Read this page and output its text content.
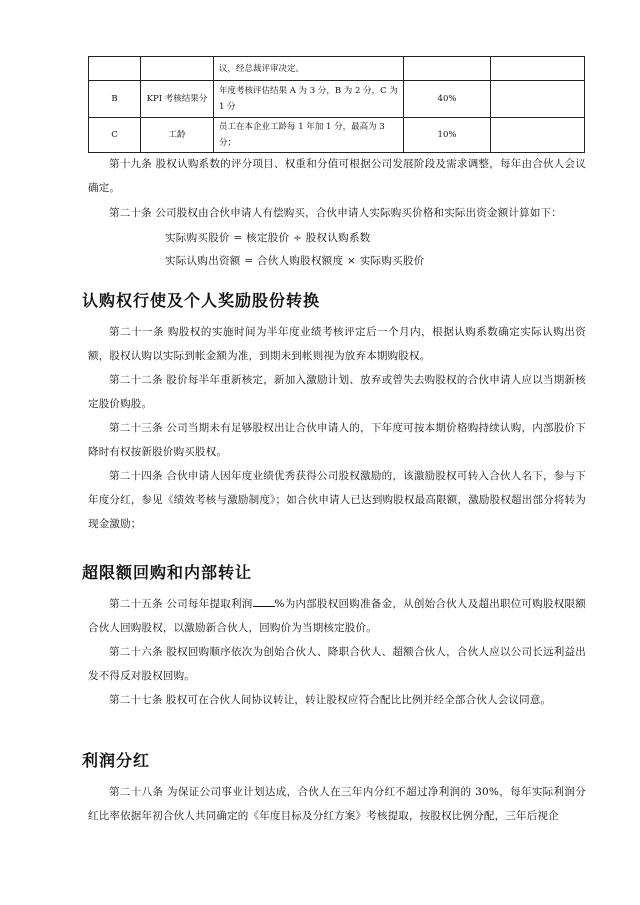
		议，经总裁评审决定。		
B	KPI 考核结果分	年度考核评估结果 A 为 3 分，B 为 2 分，C 为 1 分	40%	
C	工龄	员工在本企业工龄每 1 年加 1 分，最高为 3 分；	10%	

第十九条 股权认购系数的评分项目、权重和分值可根据公司发展阶段及需求调整，每年由合伙人会议确定。

第二十条 公司股权由合伙申请人有偿购买，合伙申请人实际购买价格和实际出资金额计算如下：

实际购买股价 = 核定股价 ÷ 股权认购系数

实际认购出资额 = 合伙人购股权额度 × 实际购买股价

认购权行使及个人奖励股份转换

第二十一条 购股权的实施时间为半年度业绩考核评定后一个月内，根据认购系数确定实际认购出资额，股权认购以实际到帐金额为准，到期未到帐则视为放弃本期购股权。

第二十二条 股价每半年重新核定，新加入激励计划、放弃或曾失去购股权的合伙申请人应以当期新核定股价购股。

第二十三条 公司当期未有足够股权出让合伙申请人的，下年度可按本期价格购持续认购，内部股价下降时有权按新股价购买股权。

第二十四条 合伙申请人因年度业绩优秀获得公司股权激励的，该激励股权可转入合伙人名下，参与下年度分红，参见《绩效考核与激励制度》；如合伙申请人已达到购股权最高限额，激励股权超出部分将转为现金激励；

超限额回购和内部转让

第二十五条 公司每年提取利润 %为内部股权回购准备金，从创始合伙人及超出职位可购股权限额合伙人回购股权，以激励新合伙人，回购价为当期核定股价。

第二十六条 股权回购顺序依次为创始合伙人、降职合伙人、超额合伙人，合伙人应以公司长远利益出发不得反对股权回购。

第二十七条 股权可在合伙人间协议转让，转让股权应符合配比比例并经全部合伙人会议同意。

利润分红

第二十八条 为保证公司事业计划达成，合伙人在三年内分红不超过净利润的 30%，每年实际利润分红比率依据年初合伙人共同确定的《年度目标及分红方案》考核提取，按股权比例分配，三年后视企
